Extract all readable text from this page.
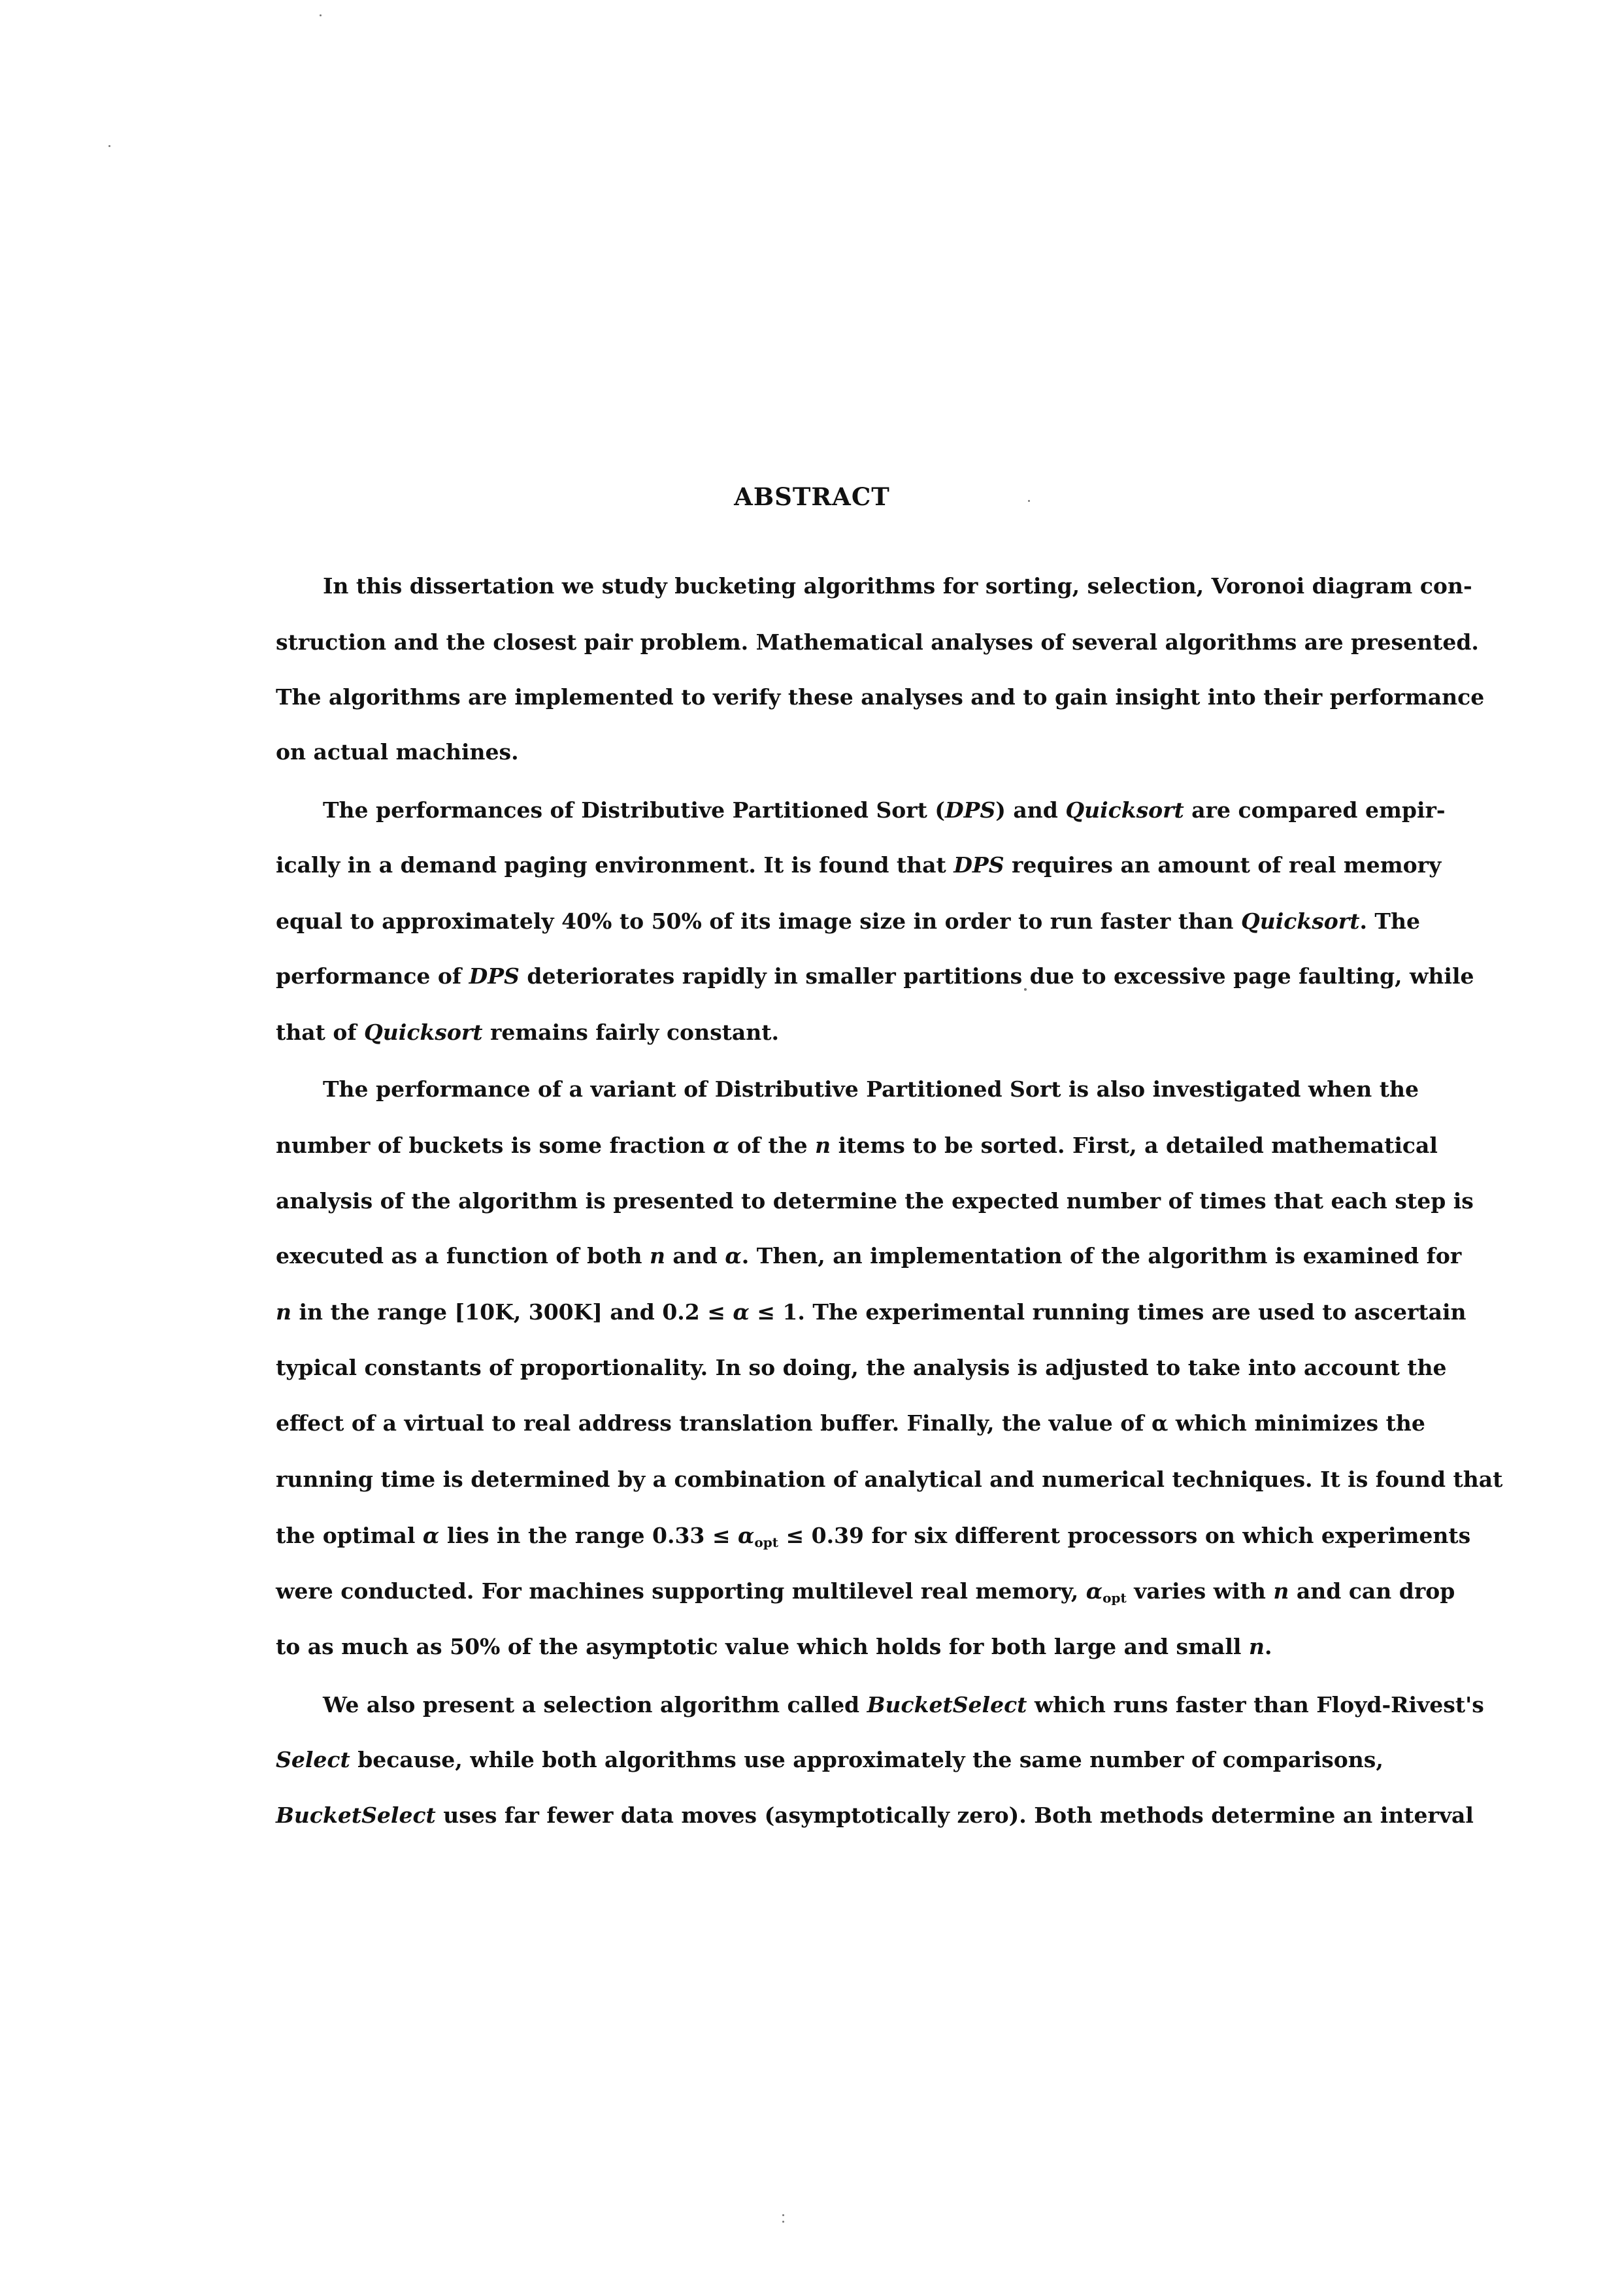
ABSTRACT

In this dissertation we study bucketing algorithms for sorting, selection, Voronoi diagram con-

struction and the closest pair problem. Mathematical analyses of several algorithms are presented.

The algorithms are implemented to verify these analyses and to gain insight into their performance

on actual machines.

The performances of Distributive Partitioned Sort (DPS) and Quicksort are compared empir-

ically in a demand paging environment. It is found that DPS requires an amount of real memory

equal to approximately 40% to 50% of its image size in order to run faster than Quicksort. The

performance of DPS deteriorates rapidly in smaller partitions due to excessive page faulting, while

that of Quicksort remains fairly constant.

The performance of a variant of Distributive Partitioned Sort is also investigated when the

number of buckets is some fraction α of the n items to be sorted. First, a detailed mathematical

analysis of the algorithm is presented to determine the expected number of times that each step is

executed as a function of both n and α. Then, an implementation of the algorithm is examined for

n in the range [10K, 300K] and 0.2 ≤ α ≤ 1. The experimental running times are used to ascertain

typical constants of proportionality. In so doing, the analysis is adjusted to take into account the

effect of a virtual to real address translation buffer. Finally, the value of α which minimizes the

running time is determined by a combination of analytical and numerical techniques. It is found that

the optimal α lies in the range $0.33 \le \alpha_{opt} \le 0.39$ for six different processors on which experiments

were conducted. For machines supporting multilevel real memory, $\alpha_{opt}$ varies with n and can drop

to as much as 50% of the asymptotic value which holds for both large and small n.

We also present a selection algorithm called BucketSelect which runs faster than Floyd-Rivest's

Select because, while both algorithms use approximately the same number of comparisons,

BucketSelect uses far fewer data moves (asymptotically zero). Both methods determine an interval
